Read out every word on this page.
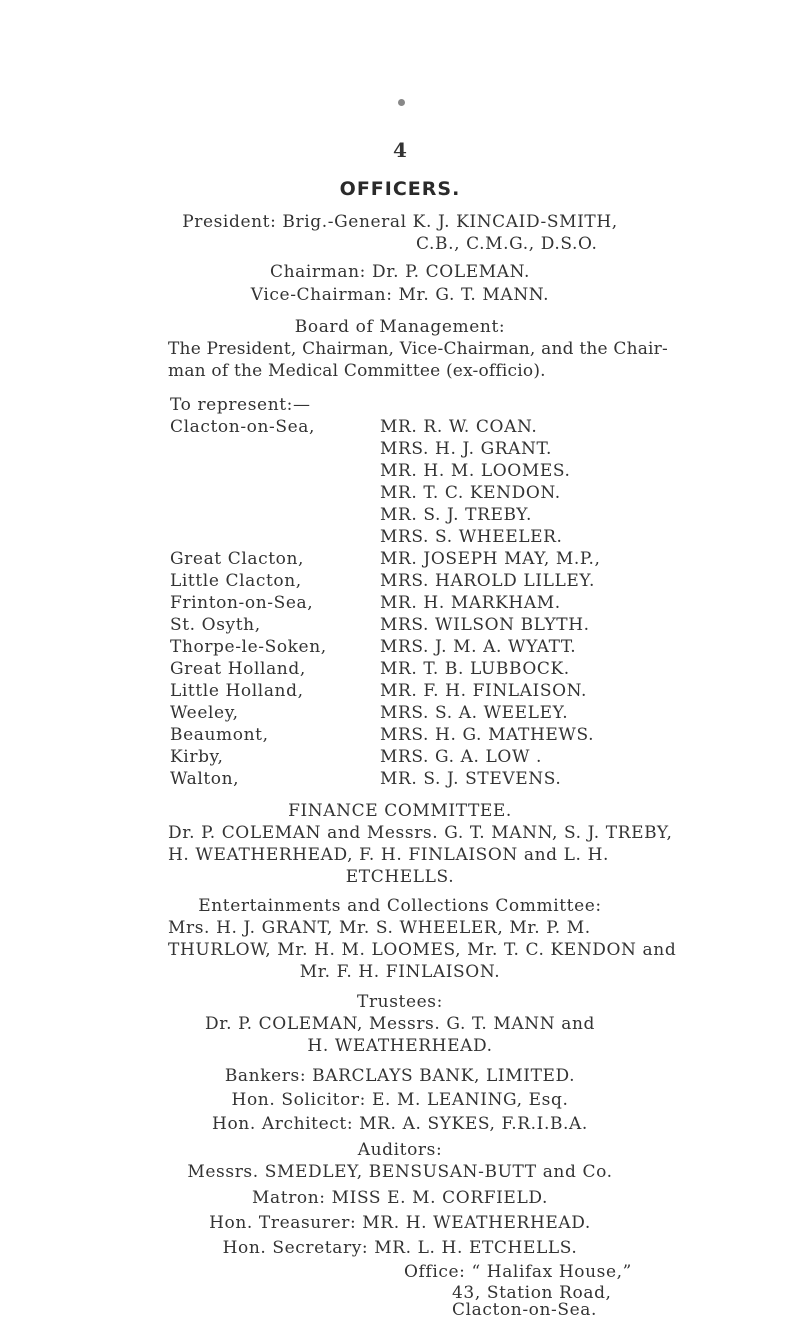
4
OFFICERS.
President: Brig.-General K. J. KINCAID-SMITH,
C.B., C.M.G., D.S.O.
Chairman: Dr. P. COLEMAN.
Vice-Chairman: Mr. G. T. MANN.
Board of Management:
The President, Chairman, Vice-Chairman, and the Chair-
man of the Medical Committee (ex-officio).
To represent:—
Clacton-on-Sea,	MR. R. W. COAN.
MRS. H. J. GRANT.
MR. H. M. LOOMES.
MR. T. C. KENDON.
MR. S. J. TREBY.
MRS. S. WHEELER.
Great Clacton,	MR. JOSEPH MAY, M.P.,
Little Clacton,	MRS. HAROLD LILLEY.
Frinton-on-Sea,	MR. H. MARKHAM.
St. Osyth,	MRS. WILSON BLYTH.
Thorpe-le-Soken,	MRS. J. M. A. WYATT.
Great Holland,	MR. T. B. LUBBOCK.
Little Holland,	MR. F. H. FINLAISON.
Weeley,	MRS. S. A. WEELEY.
Beaumont,	MRS. H. G. MATHEWS.
Kirby,	MRS. G. A. LOW .
Walton,	MR. S. J. STEVENS.
FINANCE COMMITTEE.
Dr. P. COLEMAN and Messrs. G. T. MANN, S. J. TREBY,
H. WEATHERHEAD, F. H. FINLAISON and L. H.
ETCHELLS.
Entertainments and Collections Committee:
Mrs. H. J. GRANT, Mr. S. WHEELER, Mr. P. M.
THURLOW, Mr. H. M. LOOMES, Mr. T. C. KENDON and
Mr. F. H. FINLAISON.
Trustees:
Dr. P. COLEMAN, Messrs. G. T. MANN and
H. WEATHERHEAD.
Bankers: BARCLAYS BANK, LIMITED.
Hon. Solicitor: E. M. LEANING, Esq.
Hon. Architect: MR. A. SYKES, F.R.I.B.A.
Auditors:
Messrs. SMEDLEY, BENSUSAN-BUTT and Co.
Matron: MISS E. M. CORFIELD.
Hon. Treasurer: MR. H. WEATHERHEAD.
Hon. Secretary: MR. L. H. ETCHELLS.
Office: “ Halifax House,”
43, Station Road,
Clacton-on-Sea.
